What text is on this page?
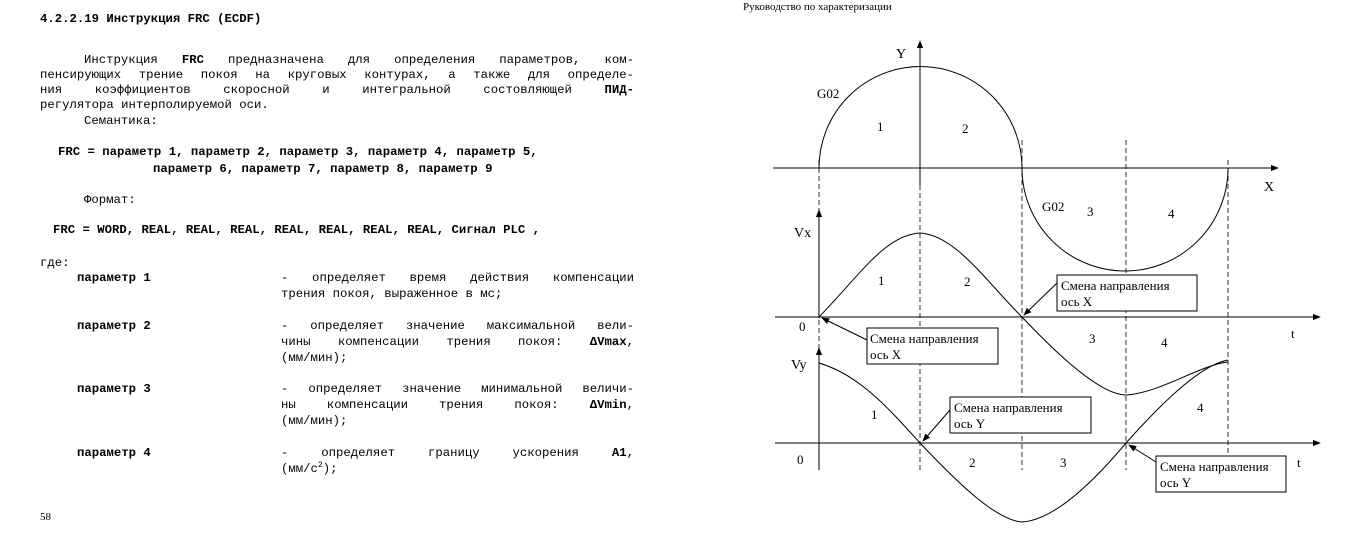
4.2.2.19 Инструкция FRC (ECDF)
Инструкция FRC предназначена для определения параметров, ком-
пенсирующих трение покоя на круговых контурах, а также для определе-
ния коэффициентов скоросной и интегральной состовляющей ПИД-
регулятора интерполируемой оси.
Семантика:
FRC = параметр 1, параметр 2, параметр 3, параметр 4, параметр 5,
параметр 6, параметр 7, параметр 8, параметр 9
Формат:
FRC = WORD, REAL, REAL, REAL, REAL, REAL, REAL, REAL, Сигнал PLC ,
где:
параметр 1	- определяет время действия компенсации
трения покоя, выраженное в мс;
параметр 2	- определяет значение максимальной вели-
чины компенсации трения покоя: ΔVmax,
(мм/мин);
параметр 3	- определяет значение минимальной величи-
ны компенсации трения покоя: ΔVmin,
(мм/мин);
параметр 4	- определяет границу ускорения A1,
$(мм/с^2)$;
58
Руководство по характеризации
Y
X
G02
G02
1	2
3	4
Vx
0	t
1	2
3	4
Vy
0	t
1
2	3
4
Смена направления
ось X
Смена направления
ось X
Смена направления
ось Y
Смена направления
ось Y
